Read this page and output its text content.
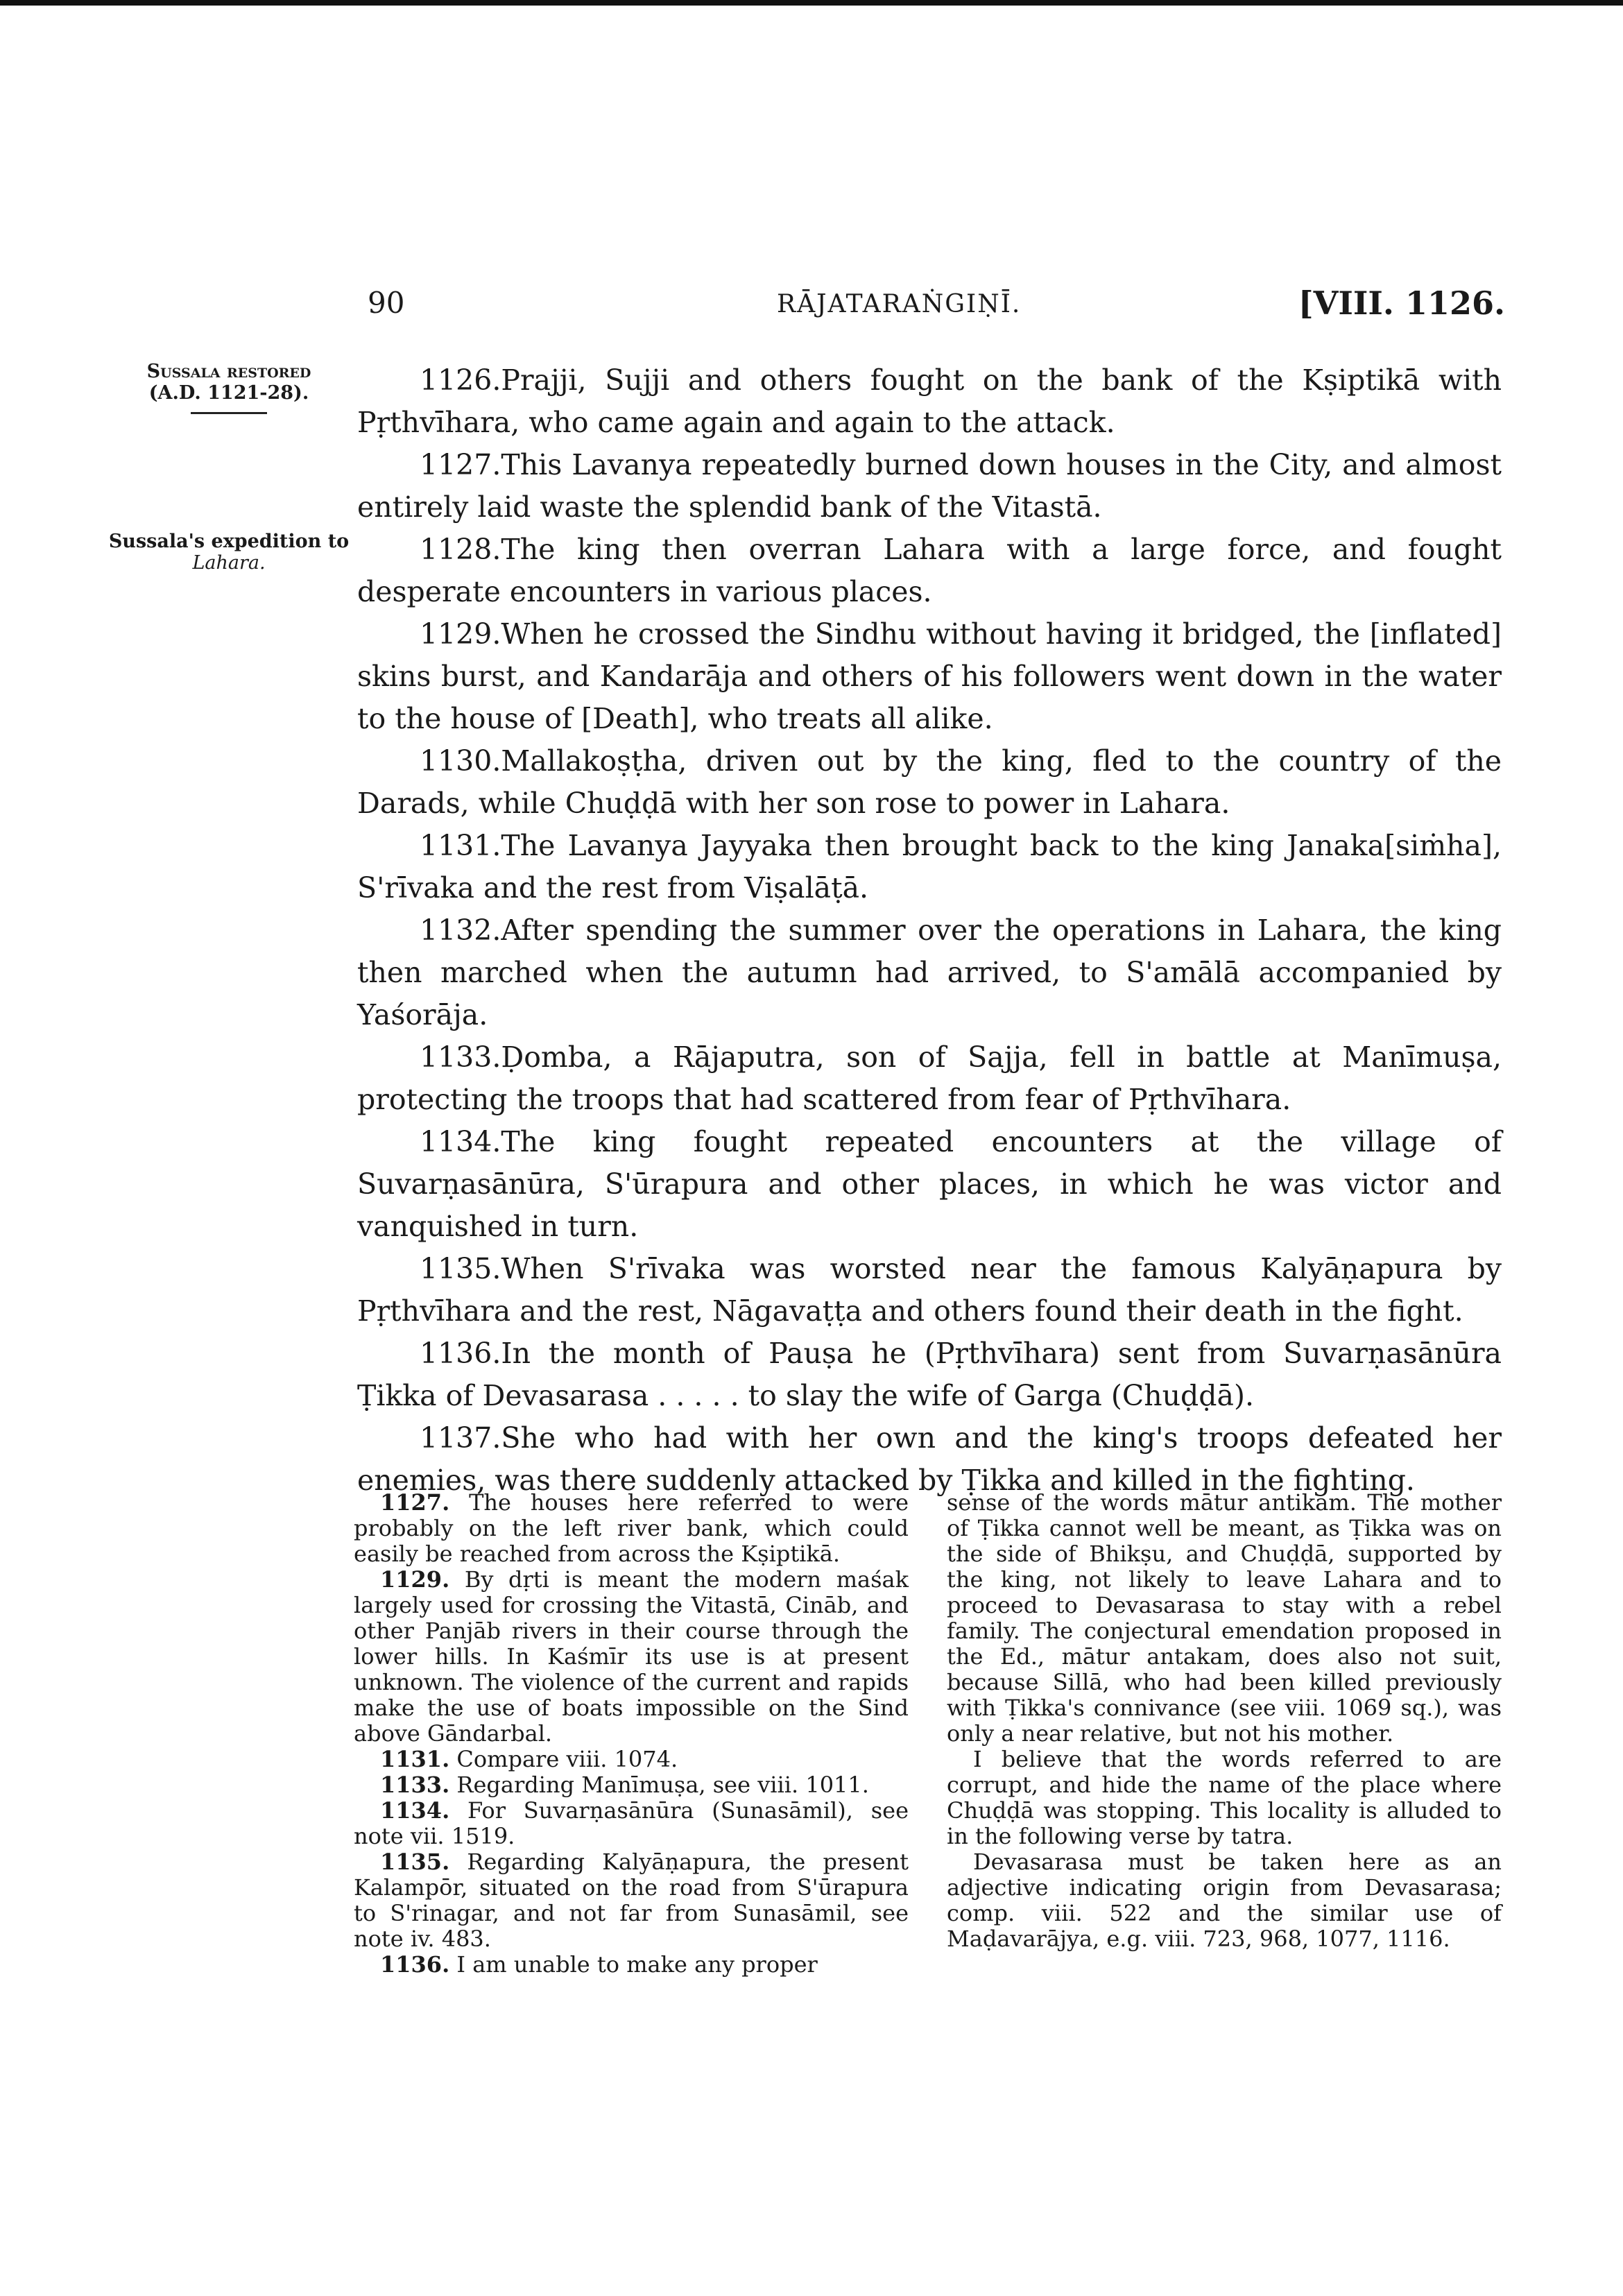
90	RĀJATARAṄGIṆĪ.	[VIII. 1126.
Sussala restored
(A.D. 1121-28).
Sussala's expedition to
Lahara.

1126.Prajji, Sujji and others fought on the bank of the Kṣiptikā with Pṛthvīhara, who came again and again to the attack.

1127.This Lavanya repeatedly burned down houses in the City, and almost entirely laid waste the splendid bank of the Vitastā.

1128.The king then overran Lahara with a large force, and fought desperate encounters in various places.

1129.When he crossed the Sindhu without having it bridged, the [inflated] skins burst, and Kandarāja and others of his followers went down in the water to the house of [Death], who treats all alike.

1130.Mallakoṣṭha, driven out by the king, fled to the country of the Darads, while Chuḍḍā with her son rose to power in Lahara.

1131.The Lavanya Jayyaka then brought back to the king Janaka[siṁha], S'rīvaka and the rest from Viṣalāṭā.

1132.After spending the summer over the operations in Lahara, the king then marched when the autumn had arrived, to S'amālā accompanied by Yaśorāja.

1133.Ḍomba, a Rājaputra, son of Sajja, fell in battle at Manīmuṣa, protecting the troops that had scattered from fear of Pṛthvīhara.

1134.The king fought repeated encounters at the village of Suvarṇasānūra, S'ūrapura and other places, in which he was victor and vanquished in turn.

1135.When S'rīvaka was worsted near the famous Kalyāṇapura by Pṛthvīhara and the rest, Nāgavaṭṭa and others found their death in the fight.

1136.In the month of Pauṣa he (Pṛthvīhara) sent from Suvarṇasānūra Ṭikka of Devasarasa . . . . . to slay the wife of Garga (Chuḍḍā).

1137.She who had with her own and the king's troops defeated her enemies, was there suddenly attacked by Ṭikka and killed in the fighting.

1127. The houses here referred to were probably on the left river bank, which could easily be reached from across the Kṣiptikā.

1129. By dṛti is meant the modern maśak largely used for crossing the Vitastā, Cināb, and other Panjāb rivers in their course through the lower hills. In Kaśmīr its use is at present unknown. The violence of the current and rapids make the use of boats impossible on the Sind above Gāndarbal.

1131. Compare viii. 1074.

1133. Regarding Manīmuṣa, see viii. 1011.

1134. For Suvarṇasānūra (Sunasāmil), see note vii. 1519.

1135. Regarding Kalyāṇapura, the present Kalampōr, situated on the road from S'ūrapura to S'rinagar, and not far from Sunasāmil, see note iv. 483.

1136. I am unable to make any proper

sense of the words mātur antikam. The mother of Ṭikka cannot well be meant, as Ṭikka was on the side of Bhikṣu, and Chuḍḍā, supported by the king, not likely to leave Lahara and to proceed to Devasarasa to stay with a rebel family. The conjectural emendation proposed in the Ed., mātur antakam, does also not suit, because Sillā, who had been killed previously with Ṭikka's connivance (see viii. 1069 sq.), was only a near relative, but not his mother.

I believe that the words referred to are corrupt, and hide the name of the place where Chuḍḍā was stopping. This locality is alluded to in the following verse by tatra.

Devasarasa must be taken here as an adjective indicating origin from Devasarasa; comp. viii. 522 and the similar use of Maḍavarājya, e.g. viii. 723, 968, 1077, 1116.
